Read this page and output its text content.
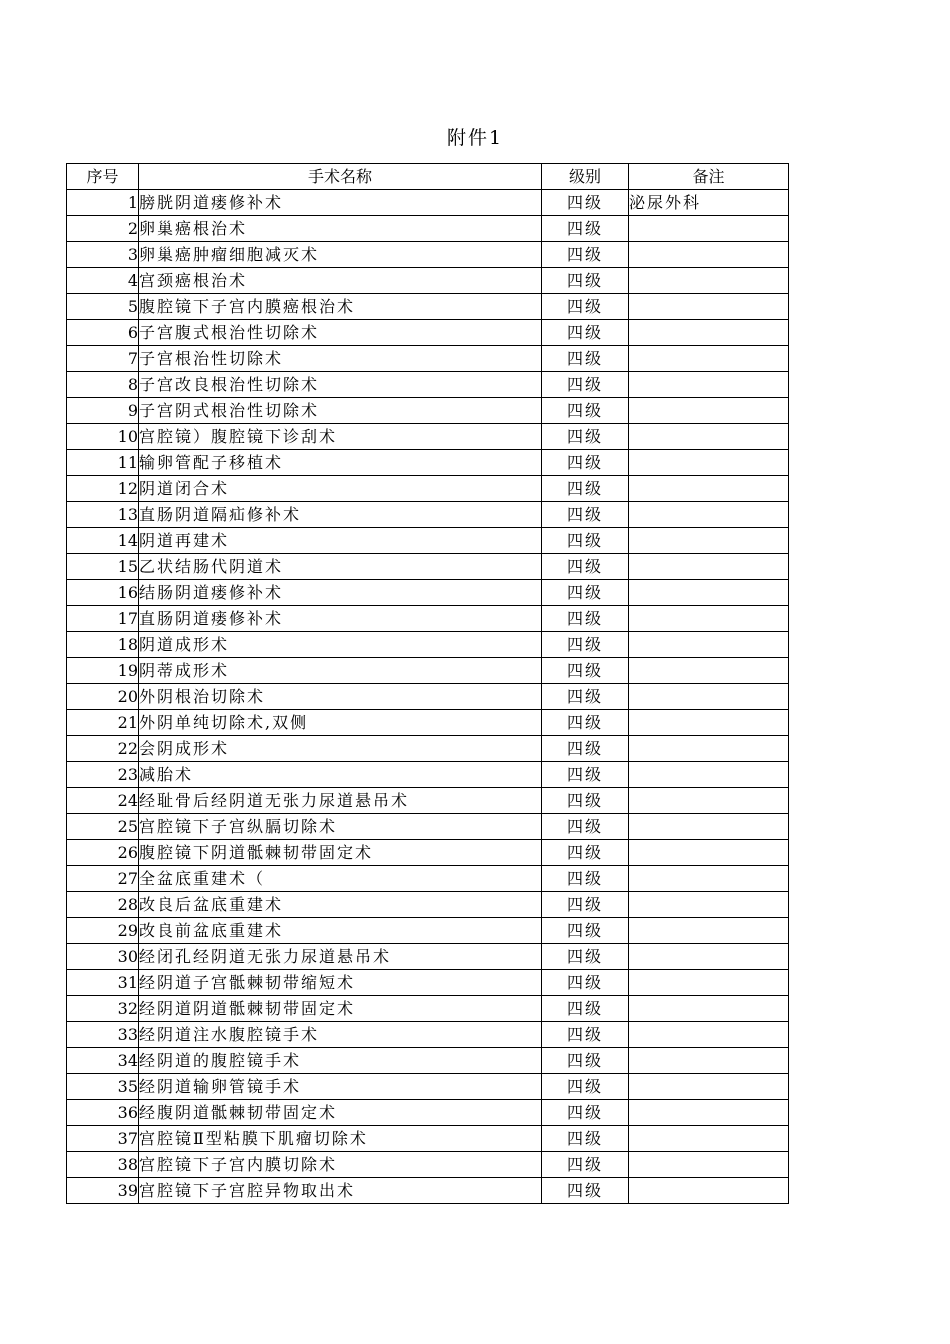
附件1
序号	手术名称	级别	备注
1	膀胱阴道瘘修补术	四级	泌尿外科
2	卵巢癌根治术	四级	
3	卵巢癌肿瘤细胞减灭术	四级	
4	宫颈癌根治术	四级	
5	腹腔镜下子宫内膜癌根治术	四级	
6	子宫腹式根治性切除术	四级	
7	子宫根治性切除术	四级	
8	子宫改良根治性切除术	四级	
9	子宫阴式根治性切除术	四级	
10	宫腔镜）腹腔镜下诊刮术	四级	
11	输卵管配子移植术	四级	
12	阴道闭合术	四级	
13	直肠阴道隔疝修补术	四级	
14	阴道再建术	四级	
15	乙状结肠代阴道术	四级	
16	结肠阴道瘘修补术	四级	
17	直肠阴道瘘修补术	四级	
18	阴道成形术	四级	
19	阴蒂成形术	四级	
20	外阴根治切除术	四级	
21	外阴单纯切除术,双侧	四级	
22	会阴成形术	四级	
23	减胎术	四级	
24	经耻骨后经阴道无张力尿道悬吊术	四级	
25	宫腔镜下子宫纵膈切除术	四级	
26	腹腔镜下阴道骶棘韧带固定术	四级	
27	全盆底重建术（	四级	
28	改良后盆底重建术	四级	
29	改良前盆底重建术	四级	
30	经闭孔经阴道无张力尿道悬吊术	四级	
31	经阴道子宫骶棘韧带缩短术	四级	
32	经阴道阴道骶棘韧带固定术	四级	
33	经阴道注水腹腔镜手术	四级	
34	经阴道的腹腔镜手术	四级	
35	经阴道输卵管镜手术	四级	
36	经腹阴道骶棘韧带固定术	四级	
37	宫腔镜Ⅱ型粘膜下肌瘤切除术	四级	
38	宫腔镜下子宫内膜切除术	四级	
39	宫腔镜下子宫腔异物取出术	四级	
